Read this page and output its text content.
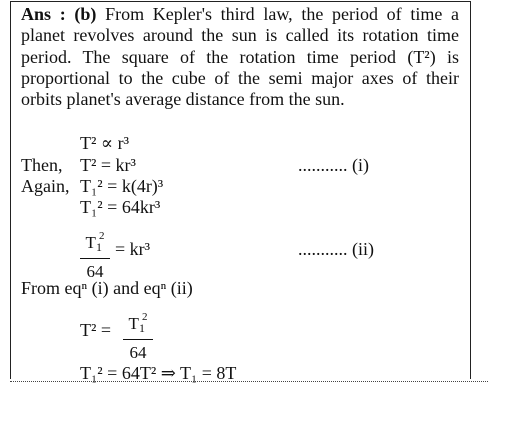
Ans : (b) From Kepler's third law, the period of time a planet revolves around the sun is called its rotation time period. The square of the rotation time period (T²) is proportional to the cube of the semi major axes of their orbits planet's average distance from the sun.

T² ∝ r³
Then, T² = kr³	........... (i)
Again, T₁² = k(4r)³
T₁² = 64kr³
$T_1^2$
64
= kr³	........... (ii)
From eqⁿ (i) and eqⁿ (ii)
T² =	$T_1^2$
64
T₁² = 64T² ⇒ T₁ = 8T
